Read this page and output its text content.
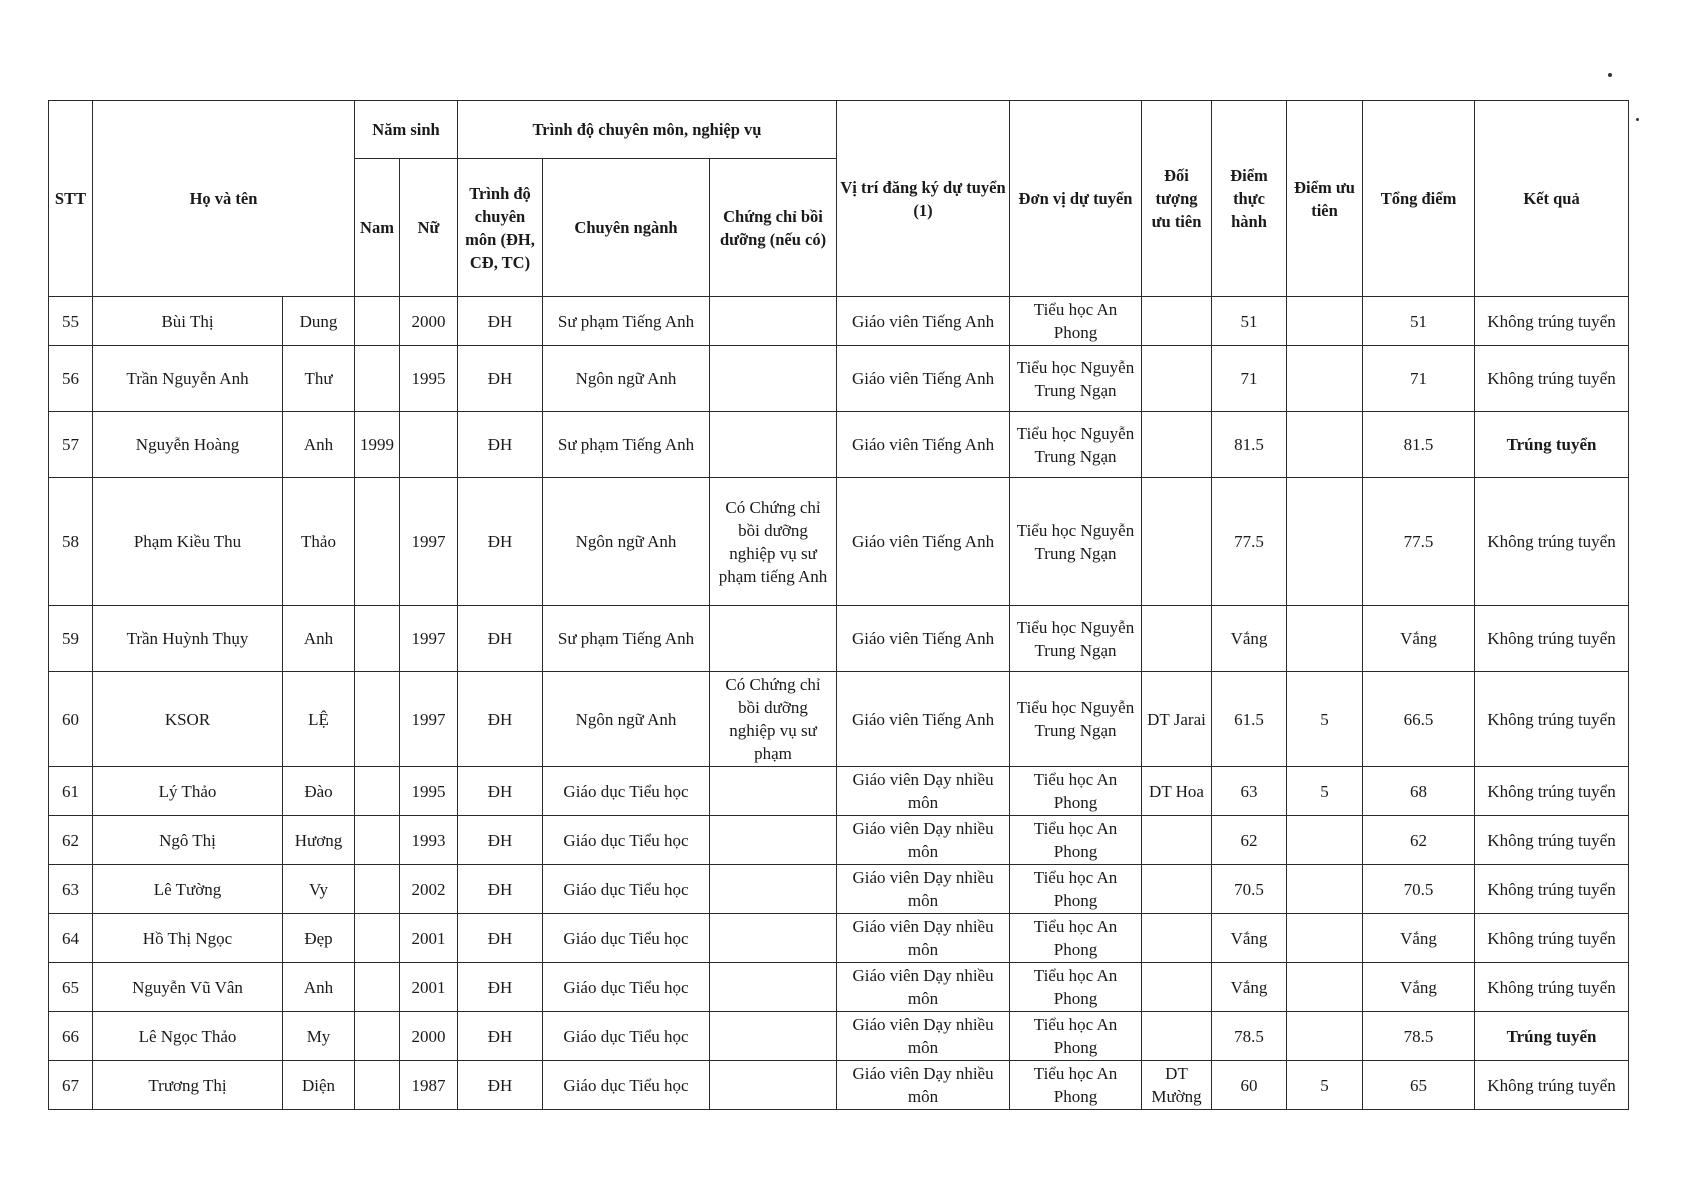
STT	Họ và tên		Năm sinh		Trình độ chuyên môn, nghiệp vụ			Vị trí đăng ký dự tuyển (1)	Đơn vị dự tuyển	Đối tượng ưu tiên	Điểm thực hành	Điểm ưu tiên	Tổng điểm	Kết quả
			Nam	Nữ	Trình độ chuyên môn (ĐH, CĐ, TC)	Chuyên ngành	Chứng chỉ bồi dưỡng (nếu có)							
55	Bùi Thị	Dung		2000	ĐH	Sư phạm Tiếng Anh		Giáo viên Tiếng Anh	Tiểu học An Phong		51		51	Không trúng tuyển
56	Trần Nguyễn Anh	Thư		1995	ĐH	Ngôn ngữ Anh		Giáo viên Tiếng Anh	Tiểu học Nguyễn Trung Ngạn		71		71	Không trúng tuyển
57	Nguyễn Hoàng	Anh	1999		ĐH	Sư phạm Tiếng Anh		Giáo viên Tiếng Anh	Tiểu học Nguyễn Trung Ngạn		81.5		81.5	Trúng tuyển
58	Phạm Kiều Thu	Thảo		1997	ĐH	Ngôn ngữ Anh	Có Chứng chỉ bồi dưỡng nghiệp vụ sư phạm tiếng Anh	Giáo viên Tiếng Anh	Tiểu học Nguyễn Trung Ngạn		77.5		77.5	Không trúng tuyển
59	Trần Huỳnh Thụy	Anh		1997	ĐH	Sư phạm Tiếng Anh		Giáo viên Tiếng Anh	Tiểu học Nguyễn Trung Ngạn		Vắng		Vắng	Không trúng tuyển
60	KSOR	LỆ		1997	ĐH	Ngôn ngữ Anh	Có Chứng chỉ bồi dưỡng nghiệp vụ sư phạm	Giáo viên Tiếng Anh	Tiểu học Nguyễn Trung Ngạn	DT Jarai	61.5	5	66.5	Không trúng tuyển
61	Lý Thảo	Đào		1995	ĐH	Giáo dục Tiểu học		Giáo viên Dạy nhiều môn	Tiểu học An Phong	DT Hoa	63	5	68	Không trúng tuyển
62	Ngô Thị	Hương		1993	ĐH	Giáo dục Tiểu học		Giáo viên Dạy nhiều môn	Tiểu học An Phong		62		62	Không trúng tuyển
63	Lê Tường	Vy		2002	ĐH	Giáo dục Tiểu học		Giáo viên Dạy nhiều môn	Tiểu học An Phong		70.5		70.5	Không trúng tuyển
64	Hồ Thị Ngọc	Đẹp		2001	ĐH	Giáo dục Tiểu học		Giáo viên Dạy nhiều môn	Tiểu học An Phong		Vắng		Vắng	Không trúng tuyển
65	Nguyễn Vũ Vân	Anh		2001	ĐH	Giáo dục Tiểu học		Giáo viên Dạy nhiều môn	Tiểu học An Phong		Vắng		Vắng	Không trúng tuyển
66	Lê Ngọc Thảo	My		2000	ĐH	Giáo dục Tiểu học		Giáo viên Dạy nhiều môn	Tiểu học An Phong		78.5		78.5	Trúng tuyển
67	Trương Thị	Diện		1987	ĐH	Giáo dục Tiểu học		Giáo viên Dạy nhiều môn	Tiểu học An Phong	DT Mường	60	5	65	Không trúng tuyển
